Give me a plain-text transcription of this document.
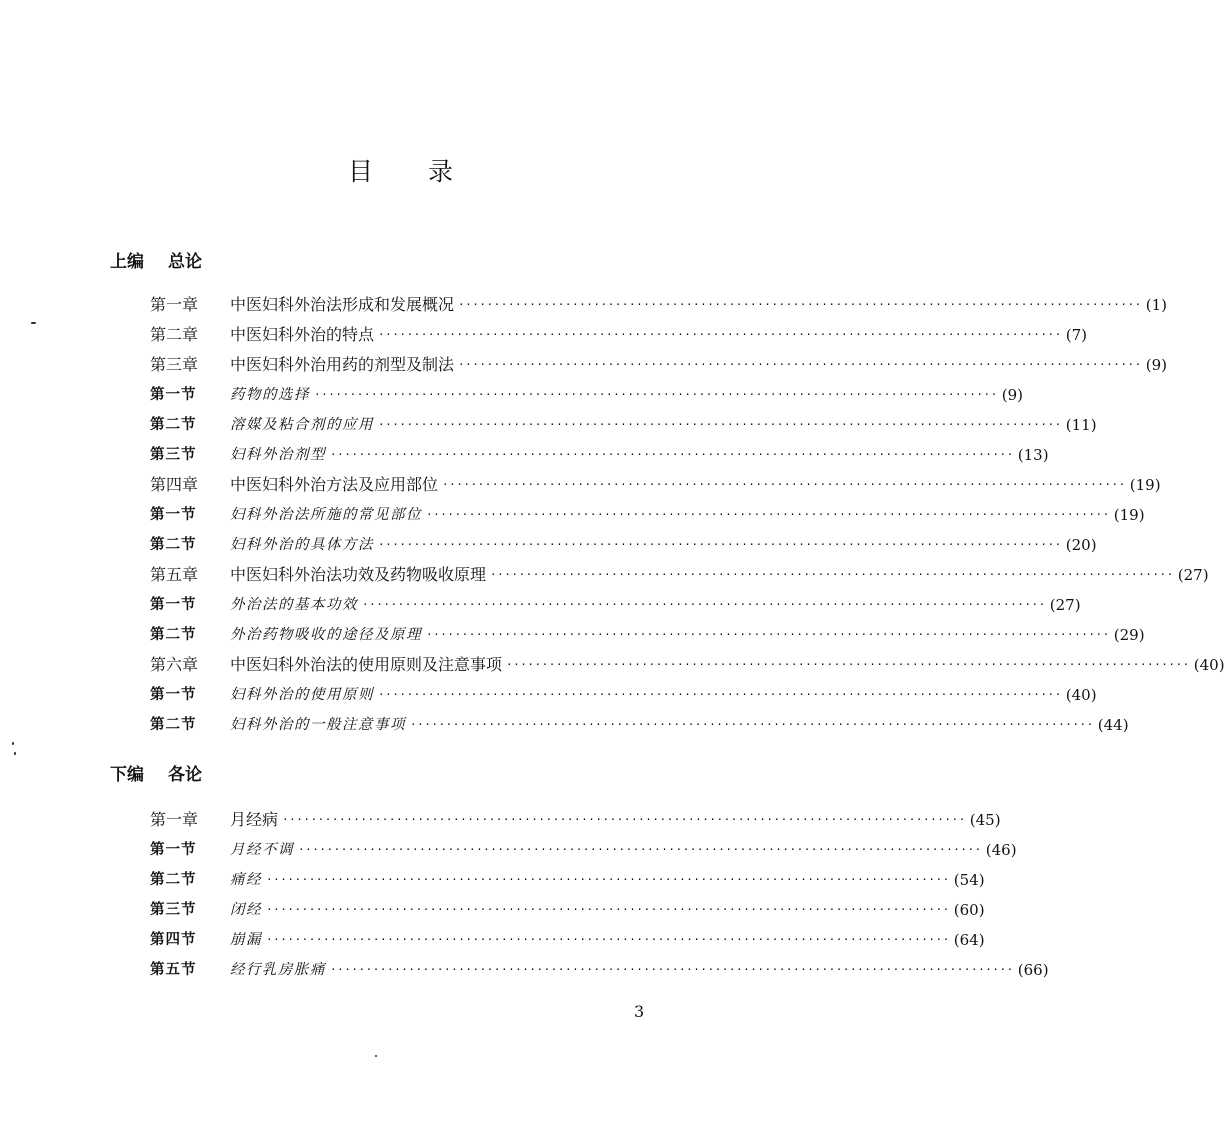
目 录
上编 总论
第一章	中医妇科外治法形成和发展概况 ································································································ (1)
第二章	中医妇科外治的特点 ································································································ (7)
第三章	中医妇科外治用药的剂型及制法 ································································································ (9)
第一节	药物的选择 ································································································ (9)
第二节	溶媒及粘合剂的应用 ································································································ (11)
第三节	妇科外治剂型 ································································································ (13)
第四章	中医妇科外治方法及应用部位 ································································································ (19)
第一节	妇科外治法所施的常见部位 ································································································ (19)
第二节	妇科外治的具体方法 ································································································ (20)
第五章	中医妇科外治法功效及药物吸收原理 ································································································ (27)
第一节	外治法的基本功效 ································································································ (27)
第二节	外治药物吸收的途径及原理 ································································································ (29)
第六章	中医妇科外治法的使用原则及注意事项 ································································································ (40)
第一节	妇科外治的使用原则 ································································································ (40)
第二节	妇科外治的一般注意事项 ································································································ (44)
下编 各论
第一章	月经病 ································································································ (45)
第一节	月经不调 ································································································ (46)
第二节	痛经 ································································································ (54)
第三节	闭经 ································································································ (60)
第四节	崩漏 ································································································ (64)
第五节	经行乳房胀痛 ································································································ (66)
3
